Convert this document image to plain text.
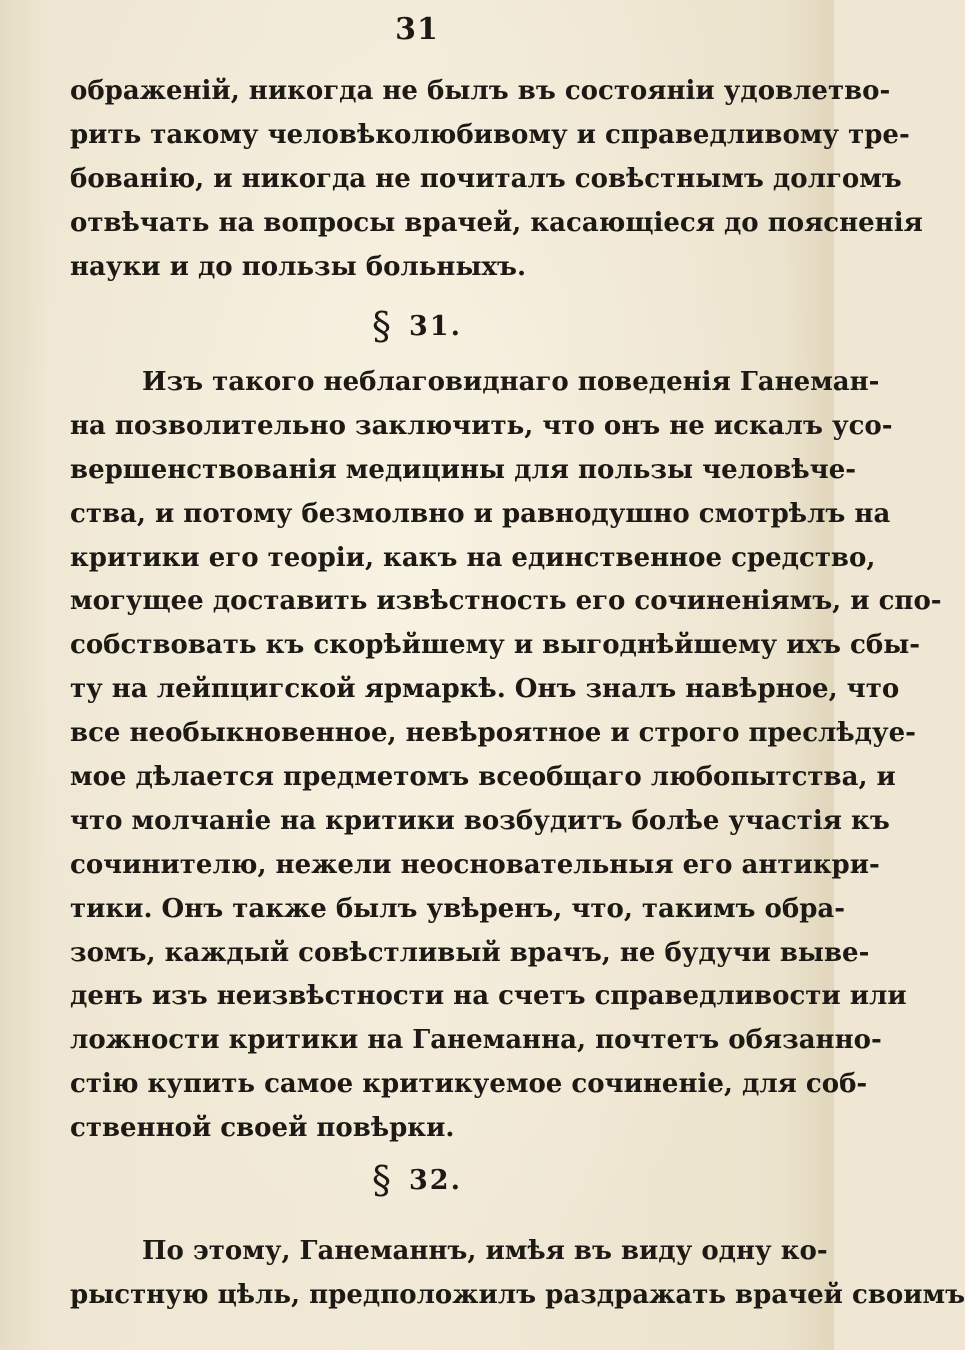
31
ображенiй, никогда не былъ въ состоянiи удовлетво-
рить такому человѣколюбивому и справедливому тре-
бованiю, и никогда не почиталъ совѣстнымъ долгомъ
отвѣчать на вопросы врачей, касающiеся до поясненiя
науки и до пользы больныхъ.
§ 31.
Изъ такого неблаговиднаго поведенiя Ганеман-
на позволительно заключить, что онъ не искалъ усо-
вершенствованiя медицины для пользы человѣче-
ства, и потому безмолвно и равнодушно смотрѣлъ на
критики его теорiи, какъ на единственное средство,
могущее доставить извѣстность его сочиненiямъ, и спо-
собствовать къ скорѣйшему и выгоднѣйшему ихъ сбы-
ту на лейпцигской ярмаркѣ. Онъ зналъ навѣрное, что
все необыкновенное, невѣроятное и строго преслѣдуе-
мое дѣлается предметомъ всеобщаго любопытства, и
что молчанiе на критики возбудитъ болѣе участiя къ
сочинителю, нежели неосновательныя его антикри-
тики. Онъ также былъ увѣренъ, что, такимъ обра-
зомъ, каждый совѣстливый врачъ, не будучи выве-
денъ изъ неизвѣстности на счетъ справедливости или
ложности критики на Ганеманна, почтетъ обязанно-
стiю купить самое критикуемое сочиненiе, для соб-
ственной своей повѣрки.
§ 32.
По этому, Ганеманнъ, имѣя въ виду одну ко-
рыстную цѣль, предположилъ раздражать врачей своимъ
